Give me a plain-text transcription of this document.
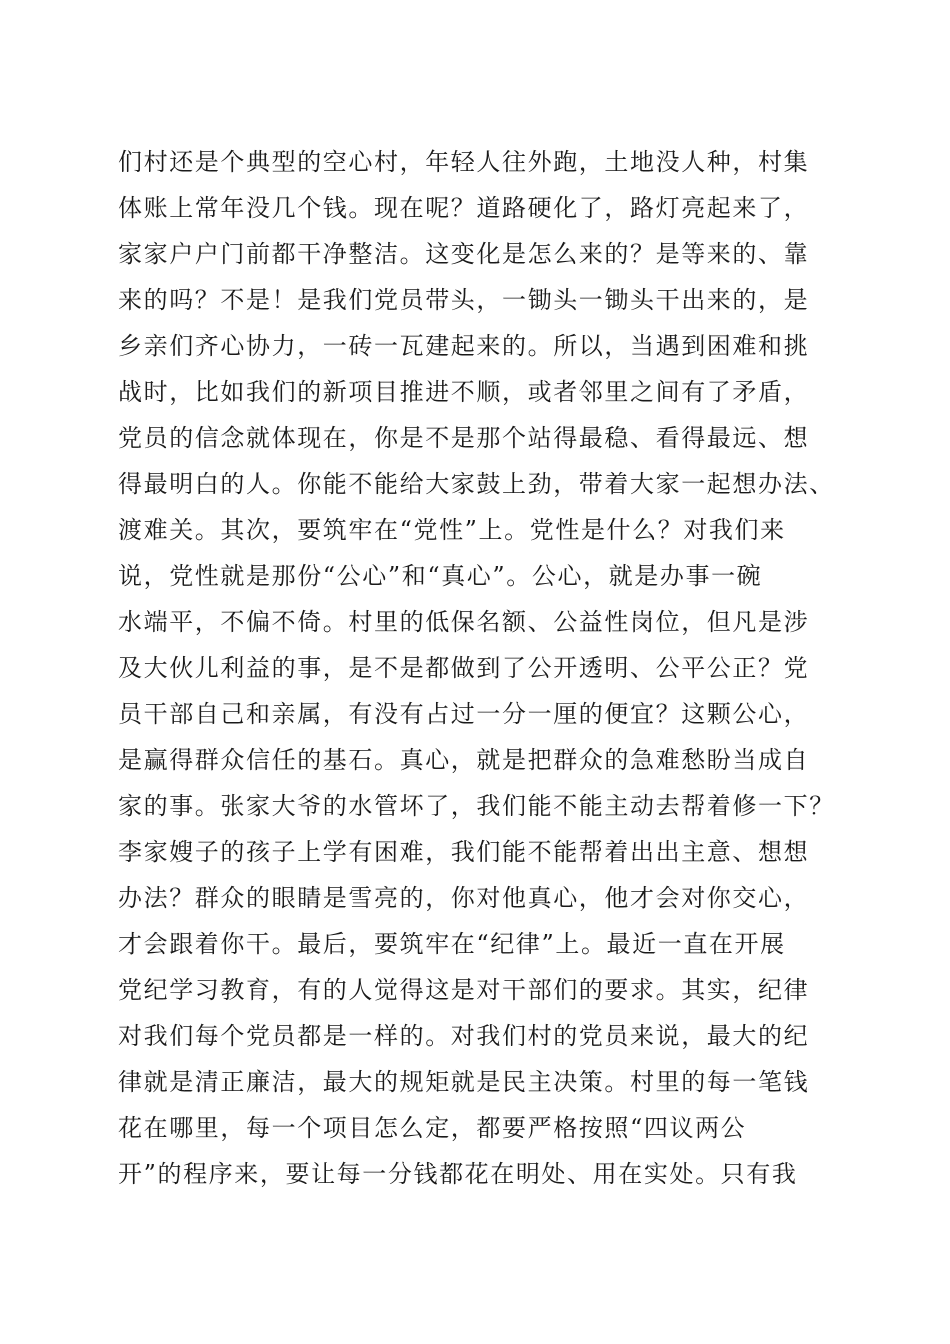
们村还是个典型的空心村，年轻人往外跑，土地没人种，村集
体账上常年没几个钱。现在呢？道路硬化了，路灯亮起来了，
家家户户门前都干净整洁。这变化是怎么来的？是等来的、靠
来的吗？不是！是我们党员带头，一锄头一锄头干出来的，是
乡亲们齐心协力，一砖一瓦建起来的。所以，当遇到困难和挑
战时，比如我们的新项目推进不顺，或者邻里之间有了矛盾，
党员的信念就体现在，你是不是那个站得最稳、看得最远、想
得最明白的人。你能不能给大家鼓上劲，带着大家一起想办法、
渡难关。其次，要筑牢在“党性”上。党性是什么？对我们来
说，党性就是那份“公心”和“真心”。公心，就是办事一碗
水端平，不偏不倚。村里的低保名额、公益性岗位，但凡是涉
及大伙儿利益的事，是不是都做到了公开透明、公平公正？党
员干部自己和亲属，有没有占过一分一厘的便宜？这颗公心，
是赢得群众信任的基石。真心，就是把群众的急难愁盼当成自
家的事。张家大爷的水管坏了，我们能不能主动去帮着修一下？
李家嫂子的孩子上学有困难，我们能不能帮着出出主意、想想
办法？群众的眼睛是雪亮的，你对他真心，他才会对你交心，
才会跟着你干。最后，要筑牢在“纪律”上。最近一直在开展
党纪学习教育，有的人觉得这是对干部们的要求。其实，纪律
对我们每个党员都是一样的。对我们村的党员来说，最大的纪
律就是清正廉洁，最大的规矩就是民主决策。村里的每一笔钱
花在哪里，每一个项目怎么定，都要严格按照“四议两公
开”的程序来，要让每一分钱都花在明处、用在实处。只有我
